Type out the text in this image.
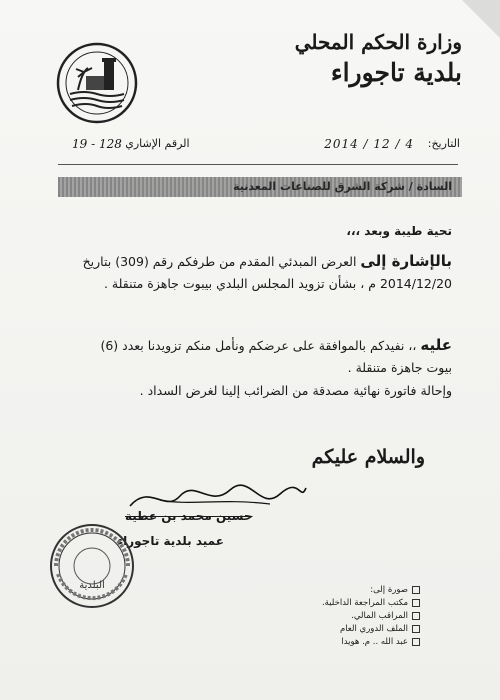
وزارة الحكم المحلي
بلدية تاجوراء
التاريخ:
2014 / 12 / 4
الرقم الإشاري :
19 - 128
السادة / شركة الشرق للصناعات المعدنية
تحية طيبة وبعد ،،،
بالإشارة إلى العرض المبدئي المقدم من طرفكم رقم (309) بتاريخ 2014/12/20 م ، بشأن تزويد المجلس البلدي بيبوت جاهزة متنقلة .
عليه ،، نفيدكم بالموافقة على عرضكم ونأمل منكم تزويدنا بعدد (6) بيوت جاهزة متنقلة .
وإحالة فاتورة نهائية مصدقة من الضرائب إلينا لغرض السداد .
والسلام عليكم
حسين محمد بن عطية
عميد بلدية تاجوراء
البلدية	صورة إلى:
مكتب المراجعة الداخلية.
المراقب المالي.
الملف الدوري العام
عبد الله .. م. هويدا
